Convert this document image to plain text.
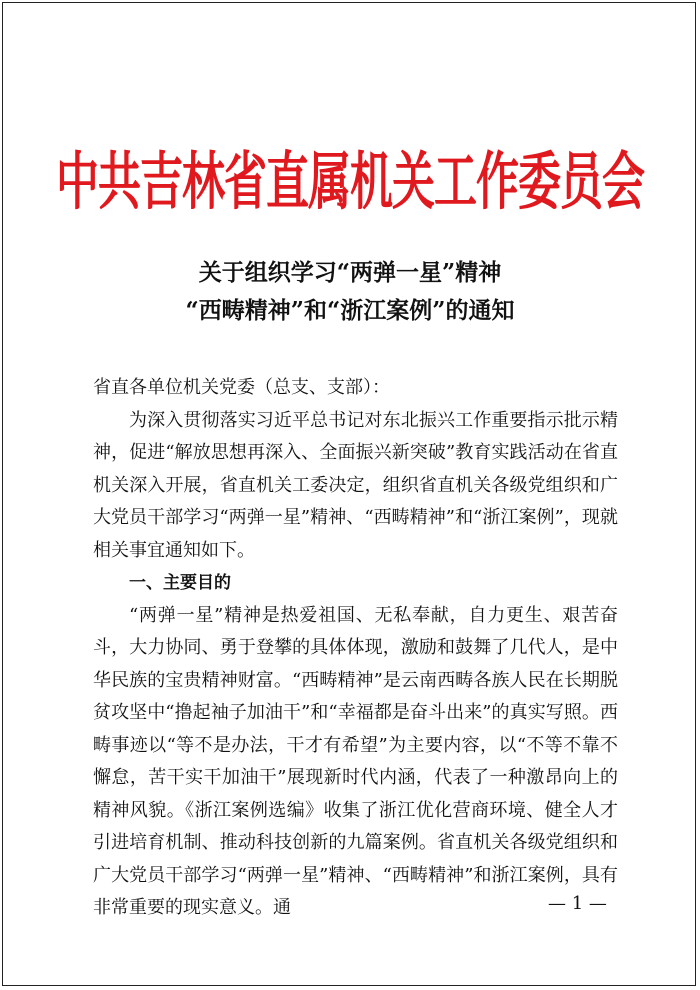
中共吉林省直属机关工作委员会
关于组织学习“两弹一星”精神
“西畴精神”和“浙江案例”的通知

省直各单位机关党委（总支、支部）：

为深入贯彻落实习近平总书记对东北振兴工作重要指示批示精神，促进“解放思想再深入、全面振兴新突破”教育实践活动在省直机关深入开展，省直机关工委决定，组织省直机关各级党组织和广大党员干部学习“两弹一星”精神、“西畴精神”和“浙江案例”，现就相关事宜通知如下。

一、主要目的

“两弹一星”精神是热爱祖国、无私奉献，自力更生、艰苦奋斗，大力协同、勇于登攀的具体体现，激励和鼓舞了几代人，是中华民族的宝贵精神财富。“西畴精神”是云南西畴各族人民在长期脱贫攻坚中“撸起袖子加油干”和“幸福都是奋斗出来”的真实写照。西畴事迹以“等不是办法，干才有希望”为主要内容，以“不等不靠不懈怠，苦干实干加油干”展现新时代内涵，代表了一种激昂向上的精神风貌。《浙江案例选编》收集了浙江优化营商环境、健全人才引进培育机制、推动科技创新的九篇案例。省直机关各级党组织和广大党员干部学习“两弹一星”精神、“西畴精神”和浙江案例，具有非常重要的现实意义。通	— 1 —
